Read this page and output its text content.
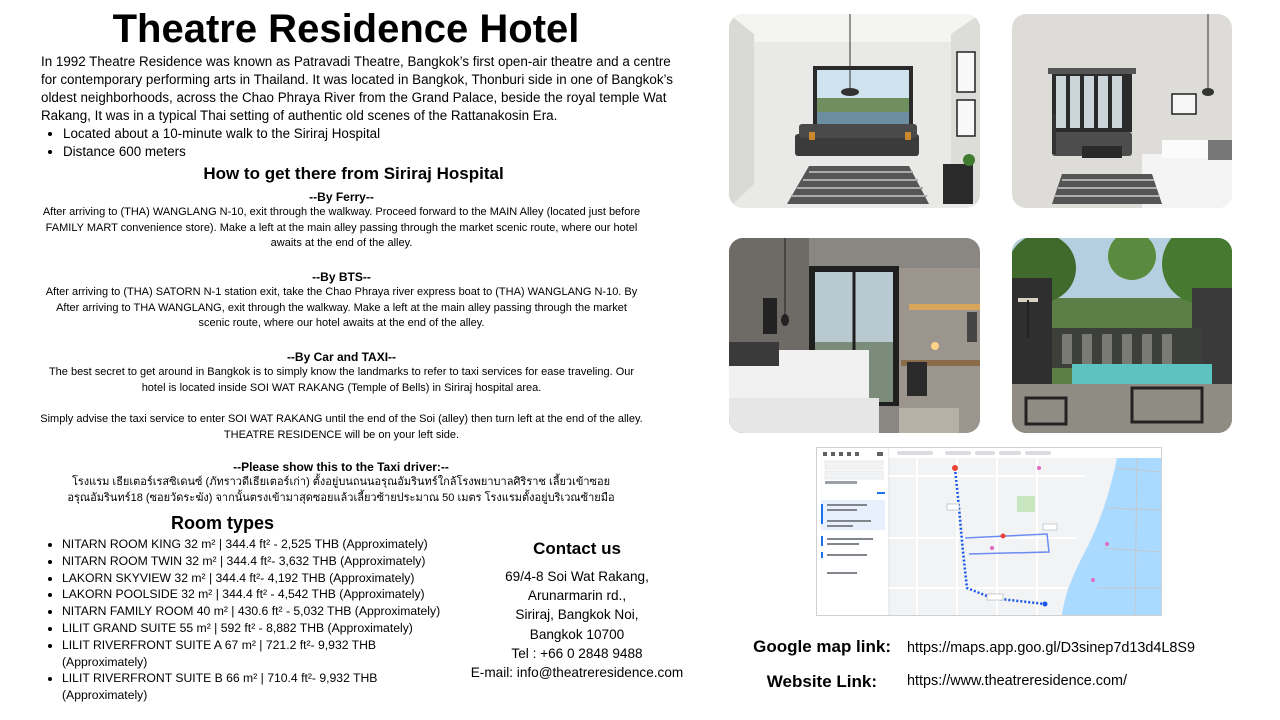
Theatre Residence Hotel

In 1992 Theatre Residence was known as Patravadi Theatre, Bangkok’s first open-air theatre and a centre for contemporary performing arts in Thailand. It was located in Bangkok, Thonburi side in one of Bangkok’s oldest neighborhoods, across the Chao Phraya River from the Grand Palace, beside the royal temple Wat Rakang, It was in a typical Thai setting of authentic old scenes of the Rattanakosin Era.

• Located about a 10-minute walk to the Siriraj Hospital
• Distance 600 meters
How to get there from Siriraj Hospital
--By Ferry--

After arriving to (THA) WANGLANG N-10, exit through the walkway. Proceed forward to the MAIN Alley (located just before FAMILY MART convenience store). Make a left at the main alley passing through the market scenic route, where our hotel awaits at the end of the alley.

--By BTS--

After arriving to (THA) SATORN N-1 station exit, take the Chao Phraya river express boat to (THA) WANGLANG N-10. By After arriving to THA WANGLANG, exit through the walkway. Make a left at the main alley passing through the market scenic route, where our hotel awaits at the end of the alley.

--By Car and TAXI--

The best secret to get around in Bangkok is to simply know the landmarks to refer to taxi services for ease traveling. Our hotel is located inside SOI WAT RAKANG (Temple of Bells) in Siriraj hospital area.

Simply advise the taxi service to enter SOI WAT RAKANG until the end of the Soi (alley) then turn left at the end of the alley. THEATRE RESIDENCE will be on your left side.

--Please show this to the Taxi driver:--

โรงแรม เธียเตอร์เรสซิเดนซ์ (ภัทราวดีเธียเตอร์เก่า) ตั้งอยู่บนถนนอรุณอัมรินทร์ใกล้โรงพยาบาลศิริราช เลี้ยวเข้าซอยอรุณอัมรินทร์18 (ซอยวัดระฆัง) จากนั้นตรงเข้ามาสุดซอยแล้วเลี้ยวซ้ายประมาณ 50 เมตร โรงแรมตั้งอยู่บริเวณซ้ายมือ

Room types
• NITARN ROOM KING 32 m² | 344.4 ft² - 2,525 THB (Approximately)
• NITARN ROOM TWIN 32 m² | 344.4 ft²- 3,632 THB (Approximately)
• LAKORN SKYVIEW 32 m² | 344.4 ft²- 4,192 THB (Approximately)
• LAKORN POOLSIDE 32 m² | 344.4 ft² - 4,542 THB (Approximately)
• NITARN FAMILY ROOM 40 m² | 430.6 ft² - 5,032 THB (Approximately)
• LILIT GRAND SUITE 55 m² | 592 ft² - 8,882 THB (Approximately)
• LILIT RIVERFRONT SUITE A 67 m² | 721.2 ft²- 9,932 THB (Approximately)
• LILIT RIVERFRONT SUITE B 66 m² | 710.4 ft²- 9,932 THB (Approximately)
Contact us
69/4-8 Soi Wat Rakang,
Arunarmarin rd.,
Siriraj, Bangkok Noi,
Bangkok 10700
Tel : +66 0 2848 9488
E-mail: info@theatreresidence.com
Google map link: https://maps.app.goo.gl/D3sinep7d13d4L8S9
Website Link: https://www.theatreresidence.com/
